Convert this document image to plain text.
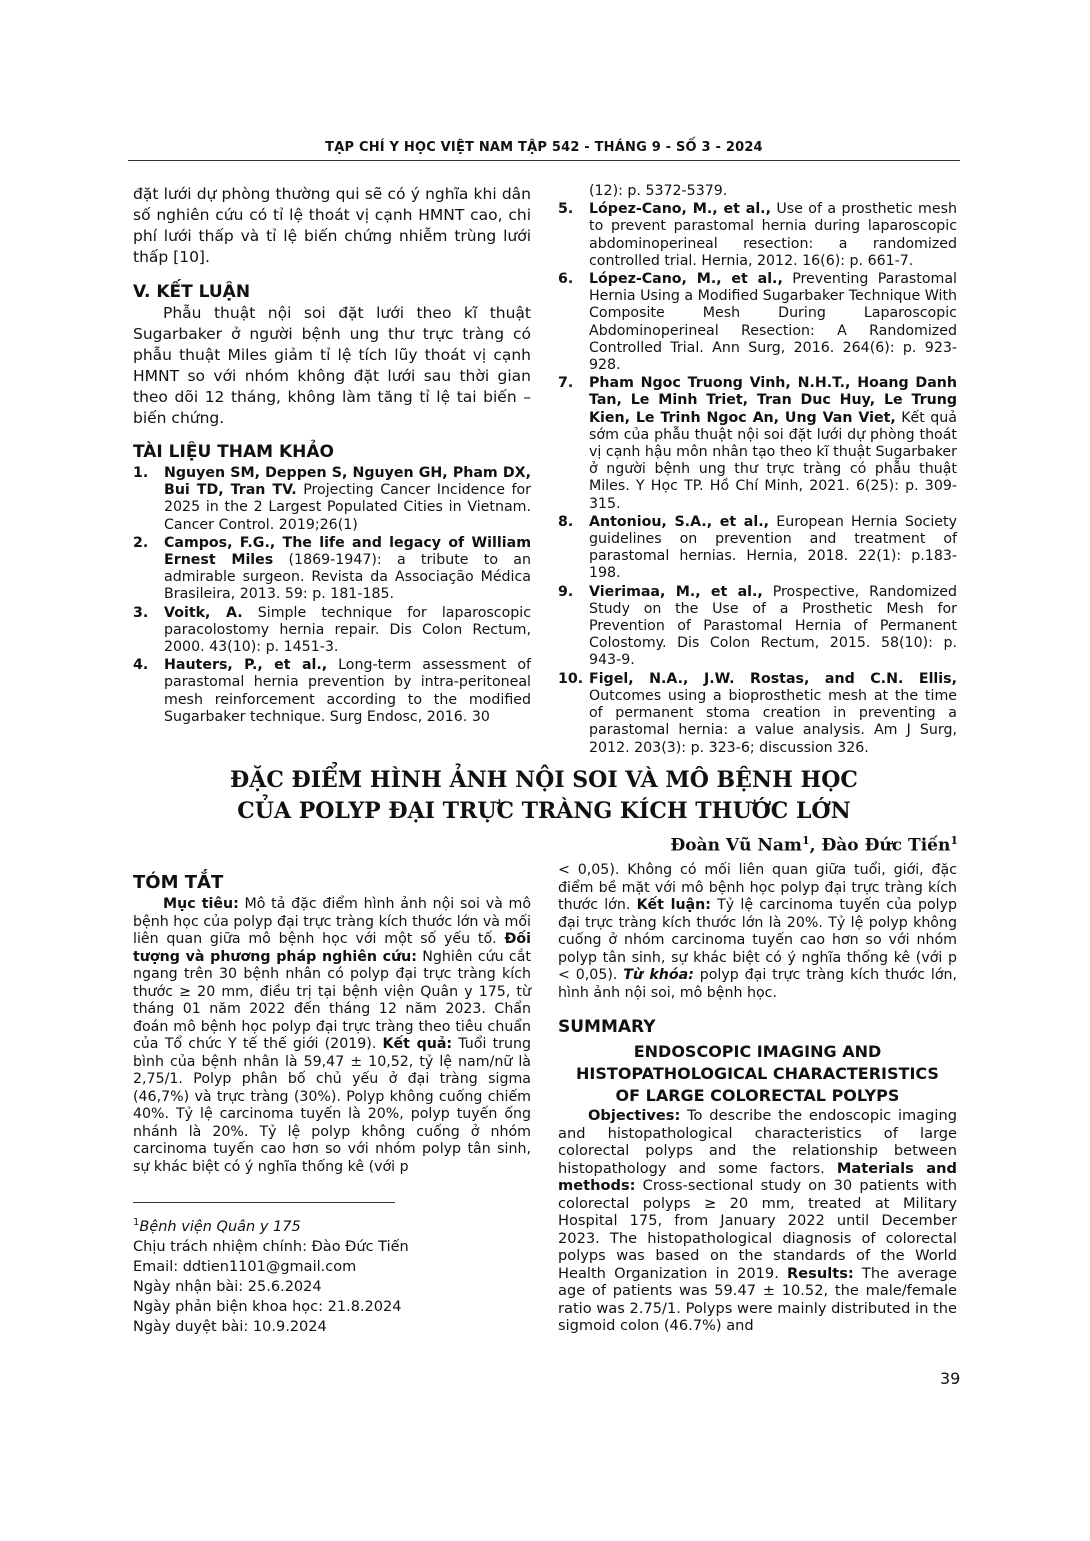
TẠP CHÍ Y HỌC VIỆT NAM TẬP 542 - THÁNG 9 - SỐ 3 - 2024
đặt lưới dự phòng thường qui sẽ có ý nghĩa khi dân số nghiên cứu có tỉ lệ thoát vị cạnh HMNT cao, chi phí lưới thấp và tỉ lệ biến chứng nhiễm trùng lưới thấp [10].
V. KẾT LUẬN
Phẫu thuật nội soi đặt lưới theo kĩ thuật Sugarbaker ở người bệnh ung thư trực tràng có phẫu thuật Miles giảm tỉ lệ tích lũy thoát vị cạnh HMNT so với nhóm không đặt lưới sau thời gian theo dõi 12 tháng, không làm tăng tỉ lệ tai biến – biến chứng.
TÀI LIỆU THAM KHẢO
1.	Nguyen SM, Deppen S, Nguyen GH, Pham DX, Bui TD, Tran TV. Projecting Cancer Incidence for 2025 in the 2 Largest Populated Cities in Vietnam. Cancer Control. 2019;26(1)
2.	Campos, F.G., The life and legacy of William Ernest Miles (1869-1947): a tribute to an admirable surgeon. Revista da Associação Médica Brasileira, 2013. 59: p. 181-185.
3.	Voitk, A. Simple technique for laparoscopic paracolostomy hernia repair. Dis Colon Rectum, 2000. 43(10): p. 1451-3.
4.	Hauters, P., et al., Long-term assessment of parastomal hernia prevention by intra-peritoneal mesh reinforcement according to the modified Sugarbaker technique. Surg Endosc, 2016. 30
(12): p. 5372-5379.
5.	López-Cano, M., et al., Use of a prosthetic mesh to prevent parastomal hernia during laparoscopic abdominoperineal resection: a randomized controlled trial. Hernia, 2012. 16(6): p. 661-7.
6.	López-Cano, M., et al., Preventing Parastomal Hernia Using a Modified Sugarbaker Technique With Composite Mesh During Laparoscopic Abdominoperineal Resection: A Randomized Controlled Trial. Ann Surg, 2016. 264(6): p. 923-928.
7.	Pham Ngoc Truong Vinh, N.H.T., Hoang Danh Tan, Le Minh Triet, Tran Duc Huy, Le Trung Kien, Le Trinh Ngoc An, Ung Van Viet, Kết quả sớm của phẫu thuật nội soi đặt lưới dự phòng thoát vị cạnh hậu môn nhân tạo theo kĩ thuật Sugarbaker ở người bệnh ung thư trực tràng có phẫu thuật Miles. Y Học TP. Hồ Chí Minh, 2021. 6(25): p. 309-315.
8.	Antoniou, S.A., et al., European Hernia Society guidelines on prevention and treatment of parastomal hernias. Hernia, 2018. 22(1): p.183-198.
9.	Vierimaa, M., et al., Prospective, Randomized Study on the Use of a Prosthetic Mesh for Prevention of Parastomal Hernia of Permanent Colostomy. Dis Colon Rectum, 2015. 58(10): p. 943-9.
10. Figel, N.A., J.W. Rostas, and C.N. Ellis, Outcomes using a bioprosthetic mesh at the time of permanent stoma creation in preventing a parastomal hernia: a value analysis. Am J Surg, 2012. 203(3): p. 323-6; discussion 326.
ĐẶC ĐIỂM HÌNH ẢNH NỘI SOI VÀ MÔ BỆNH HỌC
CỦA POLYP ĐẠI TRỰC TRÀNG KÍCH THƯỚC LỚN
Đoàn Vũ Nam$^1$, Đào Đức Tiến$^1$
TÓM TẮT
Mục tiêu: Mô tả đặc điểm hình ảnh nội soi và mô bệnh học của polyp đại trực tràng kích thước lớn và mối liên quan giữa mô bệnh học với một số yếu tố. Đối tượng và phương pháp nghiên cứu: Nghiên cứu cắt ngang trên 30 bệnh nhân có polyp đại trực tràng kích thước ≥ 20 mm, điều trị tại bệnh viện Quân y 175, từ tháng 01 năm 2022 đến tháng 12 năm 2023. Chẩn đoán mô bệnh học polyp đại trực tràng theo tiêu chuẩn của Tổ chức Y tế thế giới (2019). Kết quả: Tuổi trung bình của bệnh nhân là 59,47 ± 10,52, tỷ lệ nam/nữ là 2,75/1. Polyp phân bố chủ yếu ở đại tràng sigma (46,7%) và trực tràng (30%). Polyp không cuống chiếm 40%. Tỷ lệ carcinoma tuyến là 20%, polyp tuyến ống nhánh là 20%. Tỷ lệ polyp không cuống ở nhóm carcinoma tuyến cao hơn so với nhóm polyp tân sinh, sự khác biệt có ý nghĩa thống kê (với p
$^1$Bệnh viện Quân y 175
Chịu trách nhiệm chính: Đào Đức Tiến
Email: ddtien1101@gmail.com
Ngày nhận bài: 25.6.2024
Ngày phản biện khoa học: 21.8.2024
Ngày duyệt bài: 10.9.2024
< 0,05). Không có mối liên quan giữa tuổi, giới, đặc điểm bề mặt với mô bệnh học polyp đại trực tràng kích thước lớn. Kết luận: Tỷ lệ carcinoma tuyến của polyp đại trực tràng kích thước lớn là 20%. Tỷ lệ polyp không cuống ở nhóm carcinoma tuyến cao hơn so với nhóm polyp tân sinh, sự khác biệt có ý nghĩa thống kê (với p < 0,05). Từ khóa: polyp đại trực tràng kích thước lớn, hình ảnh nội soi, mô bệnh học.
SUMMARY
ENDOSCOPIC IMAGING AND
HISTOPATHOLOGICAL CHARACTERISTICS
OF LARGE COLORECTAL POLYPS
Objectives: To describe the endoscopic imaging and histopathological characteristics of large colorectal polyps and the relationship between histopathology and some factors. Materials and methods: Cross-sectional study on 30 patients with colorectal polyps ≥ 20 mm, treated at Military Hospital 175, from January 2022 until December 2023. The histopathological diagnosis of colorectal polyps was based on the standards of the World Health Organization in 2019. Results: The average age of patients was 59.47 ± 10.52, the male/female ratio was 2.75/1. Polyps were mainly distributed in the sigmoid colon (46.7%) and
39
